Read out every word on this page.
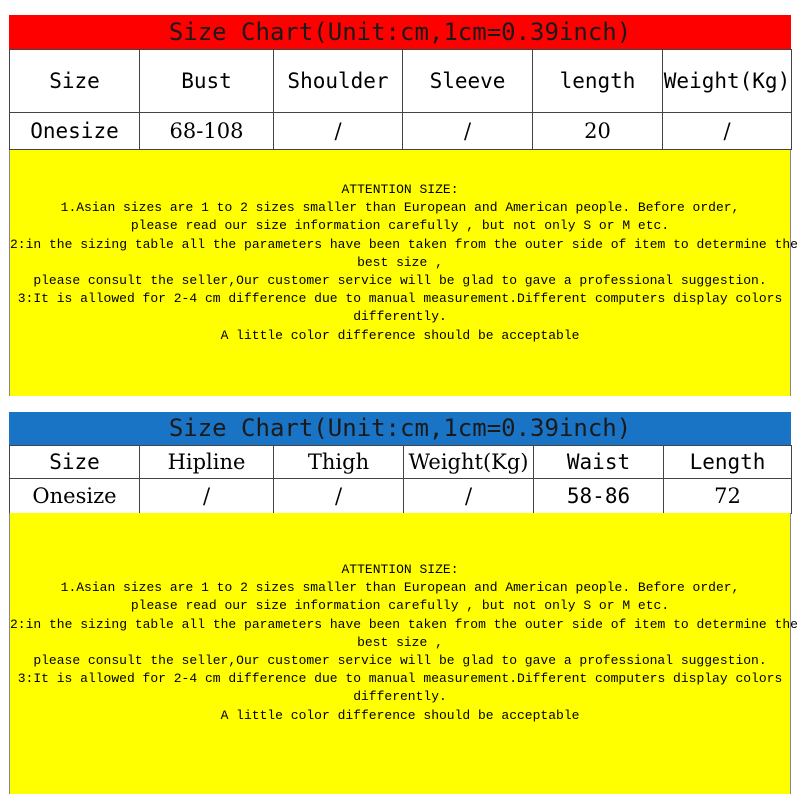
Size Chart(Unit:cm,1cm=0.39inch)
Size	Bust	Shoulder	Sleeve	length	Weight(Kg)
Onesize	68-108	/	/	20	/
ATTENTION SIZE:
1.Asian sizes are 1 to 2 sizes smaller than European and American people. Before order,
please read our size information carefully , but not only S or M etc.
2:in the sizing table all the parameters have been taken from the outer side of item to determine the
best size ,
please consult the seller,Our customer service will be glad to gave a professional suggestion.
3:It is allowed for 2-4 cm difference due to manual measurement.Different computers display colors
differently.
A little color difference should be acceptable
Size Chart(Unit:cm,1cm=0.39inch)
Size	Hipline	Thigh	Weight(Kg)	Waist	Length
Onesize	/	/	/	58-86	72
ATTENTION SIZE:
1.Asian sizes are 1 to 2 sizes smaller than European and American people. Before order,
please read our size information carefully , but not only S or M etc.
2:in the sizing table all the parameters have been taken from the outer side of item to determine the
best size ,
please consult the seller,Our customer service will be glad to gave a professional suggestion.
3:It is allowed for 2-4 cm difference due to manual measurement.Different computers display colors
differently.
A little color difference should be acceptable
